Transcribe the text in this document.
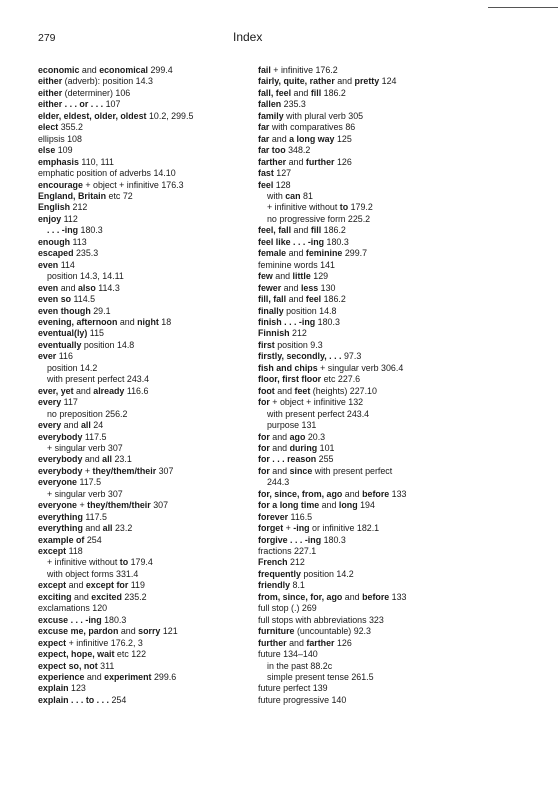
279	Index

economic and economical 299.4

either (adverb): position 14.3

either (determiner) 106

either . . . or . . . 107

elder, eldest, older, oldest 10.2, 299.5

elect 355.2

ellipsis 108

else 109

emphasis 110, 111

emphatic position of adverbs 14.10

encourage + object + infinitive 176.3

England, Britain etc 72

English 212

enjoy 112

. . . -ing 180.3

enough 113

escaped 235.3

even 114

position 14.3, 14.11

even and also 114.3

even so 114.5

even though 29.1

evening, afternoon and night 18

eventual(ly) 115

eventually position 14.8

ever 116

position 14.2

with present perfect 243.4

ever, yet and already 116.6

every 117

no preposition 256.2

every and all 24

everybody 117.5

+ singular verb 307

everybody and all 23.1

everybody + they/them/their 307

everyone 117.5

+ singular verb 307

everyone + they/them/their 307

everything 117.5

everything and all 23.2

example of 254

except 118

+ infinitive without to 179.4

with object forms 331.4

except and except for 119

exciting and excited 235.2

exclamations 120

excuse . . . -ing 180.3

excuse me, pardon and sorry 121

expect + infinitive 176.2, 3

expect, hope, wait etc 122

expect so, not 311

experience and experiment 299.6

explain 123

explain . . . to . . . 254

fail + infinitive 176.2

fairly, quite, rather and pretty 124

fall, feel and fill 186.2

fallen 235.3

family with plural verb 305

far with comparatives 86

far and a long way 125

far too 348.2

farther and further 126

fast 127

feel 128

with can 81

+ infinitive without to 179.2

no progressive form 225.2

feel, fall and fill 186.2

feel like . . . -ing 180.3

female and feminine 299.7

feminine words 141

few and little 129

fewer and less 130

fill, fall and feel 186.2

finally position 14.8

finish . . . -ing 180.3

Finnish 212

first position 9.3

firstly, secondly, . . . 97.3

fish and chips + singular verb 306.4

floor, first floor etc 227.6

foot and feet (heights) 227.10

for + object + infinitive 132

with present perfect 243.4

purpose 131

for and ago 20.3

for and during 101

for . . . reason 255

for and since with present perfect

244.3

for, since, from, ago and before 133

for a long time and long 194

forever 116.5

forget + -ing or infinitive 182.1

forgive . . . -ing 180.3

fractions 227.1

French 212

frequently position 14.2

friendly 8.1

from, since, for, ago and before 133

full stop (.) 269

full stops with abbreviations 323

furniture (uncountable) 92.3

further and farther 126

future 134–140

in the past 88.2c

simple present tense 261.5

future perfect 139

future progressive 140
